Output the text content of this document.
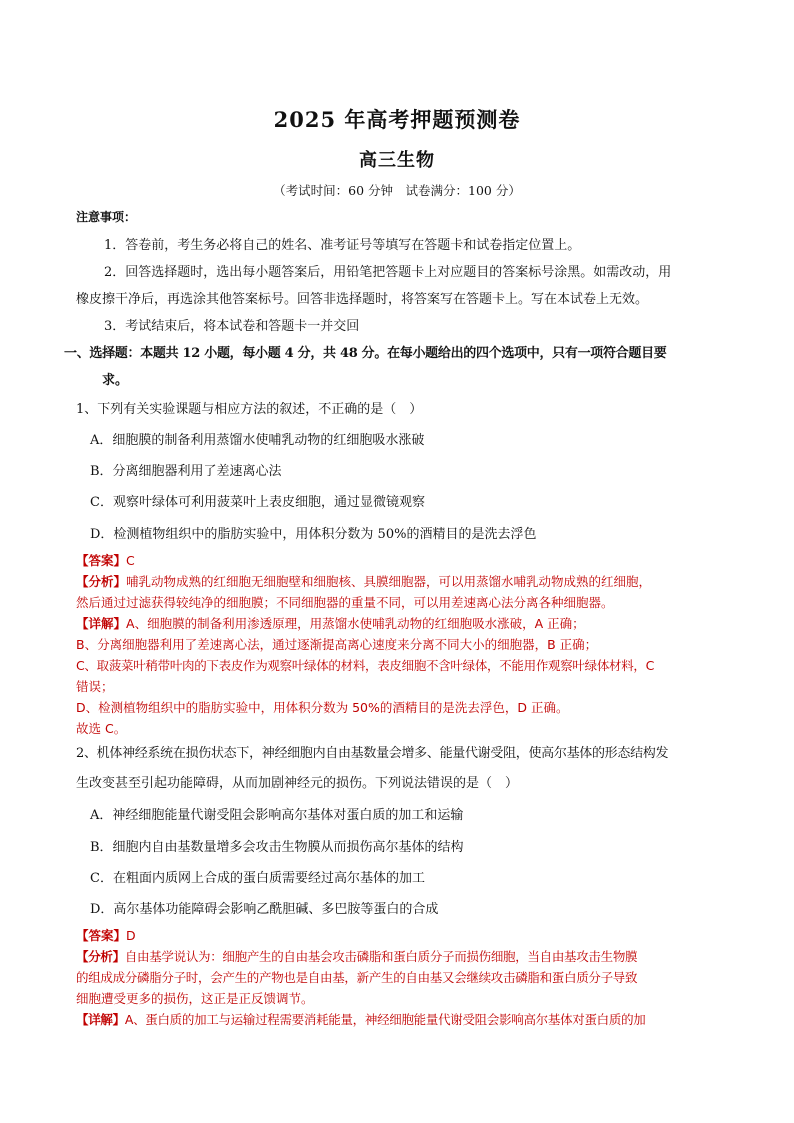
2025 年高考押题预测卷
高三生物
（考试时间：60 分钟　试卷满分：100 分）
注意事项：
1．答卷前，考生务必将自己的姓名、准考证号等填写在答题卡和试卷指定位置上。
2．回答选择题时，选出每小题答案后，用铅笔把答题卡上对应题目的答案标号涂黑。如需改动，用
橡皮擦干净后，再选涂其他答案标号。回答非选择题时，将答案写在答题卡上。写在本试卷上无效。
3．考试结束后，将本试卷和答题卡一并交回
一、选择题：本题共 12 小题，每小题 4 分，共 48 分。在每小题给出的四个选项中，只有一项符合题目要
求。
1、下列有关实验课题与相应方法的叙述，不正确的是（　）
A．细胞膜的制备利用蒸馏水使哺乳动物的红细胞吸水涨破
B．分离细胞器利用了差速离心法
C．观察叶绿体可利用菠菜叶上表皮细胞，通过显微镜观察
D．检测植物组织中的脂肪实验中，用体积分数为 50%的酒精目的是洗去浮色
【答案】C
【分析】哺乳动物成熟的红细胞无细胞壁和细胞核、具膜细胞器，可以用蒸馏水哺乳动物成熟的红细胞，
然后通过过滤获得较纯净的细胞膜；不同细胞器的重量不同，可以用差速离心法分离各种细胞器。
【详解】A、细胞膜的制备利用渗透原理，用蒸馏水使哺乳动物的红细胞吸水涨破，A 正确；
B、分离细胞器利用了差速离心法，通过逐渐提高离心速度来分离不同大小的细胞器，B 正确；
C、取菠菜叶稍带叶肉的下表皮作为观察叶绿体的材料，表皮细胞不含叶绿体，不能用作观察叶绿体材料，C
错误；
D、检测植物组织中的脂肪实验中，用体积分数为 50%的酒精目的是洗去浮色，D 正确。
故选 C。
2、机体神经系统在损伤状态下，神经细胞内自由基数量会增多、能量代谢受阻，使高尔基体的形态结构发
生改变甚至引起功能障碍，从而加剧神经元的损伤。下列说法错误的是（　）
A．神经细胞能量代谢受阻会影响高尔基体对蛋白质的加工和运输
B．细胞内自由基数量增多会攻击生物膜从而损伤高尔基体的结构
C．在粗面内质网上合成的蛋白质需要经过高尔基体的加工
D．高尔基体功能障碍会影响乙酰胆碱、多巴胺等蛋白的合成
【答案】D
【分析】自由基学说认为：细胞产生的自由基会攻击磷脂和蛋白质分子而损伤细胞，当自由基攻击生物膜
的组成成分磷脂分子时，会产生的产物也是自由基，新产生的自由基又会继续攻击磷脂和蛋白质分子导致
细胞遭受更多的损伤，这正是正反馈调节。
【详解】A、蛋白质的加工与运输过程需要消耗能量，神经细胞能量代谢受阻会影响高尔基体对蛋白质的加
